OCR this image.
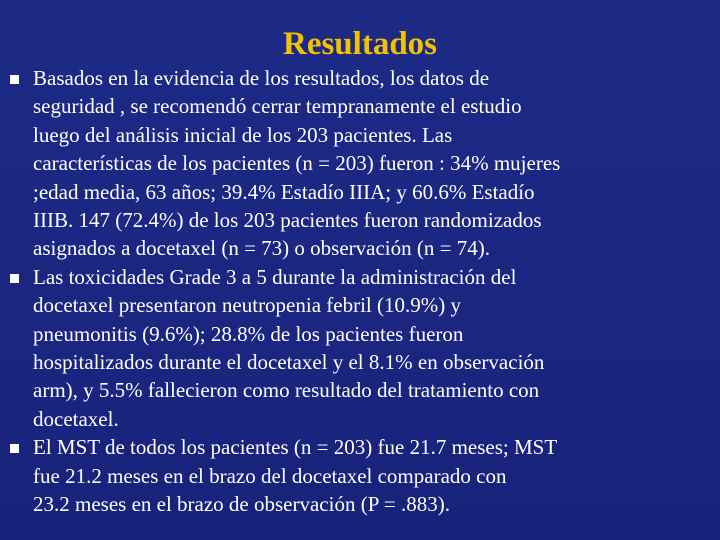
Resultados
Basados en la evidencia de los resultados, los datos de
seguridad , se recomendó cerrar tempranamente el estudio
luego del análisis inicial de los 203 pacientes. Las
características de los pacientes (n = 203) fueron : 34% mujeres
;edad media, 63 años; 39.4% Estadío IIIA; y 60.6% Estadío
IIIB. 147 (72.4%) de los 203 pacientes fueron randomizados
asignados a docetaxel (n = 73) o observación (n = 74).
Las toxicidades Grade 3 a 5 durante la administración del
docetaxel presentaron neutropenia febril (10.9%) y
pneumonitis (9.6%); 28.8% de los pacientes fueron
hospitalizados durante el docetaxel y el 8.1% en observación
arm), y 5.5% fallecieron como resultado del tratamiento con
docetaxel.
El MST de todos los pacientes (n = 203) fue 21.7 meses; MST
fue 21.2 meses en el brazo del docetaxel comparado con
23.2 meses en el brazo de observación (P = .883).
